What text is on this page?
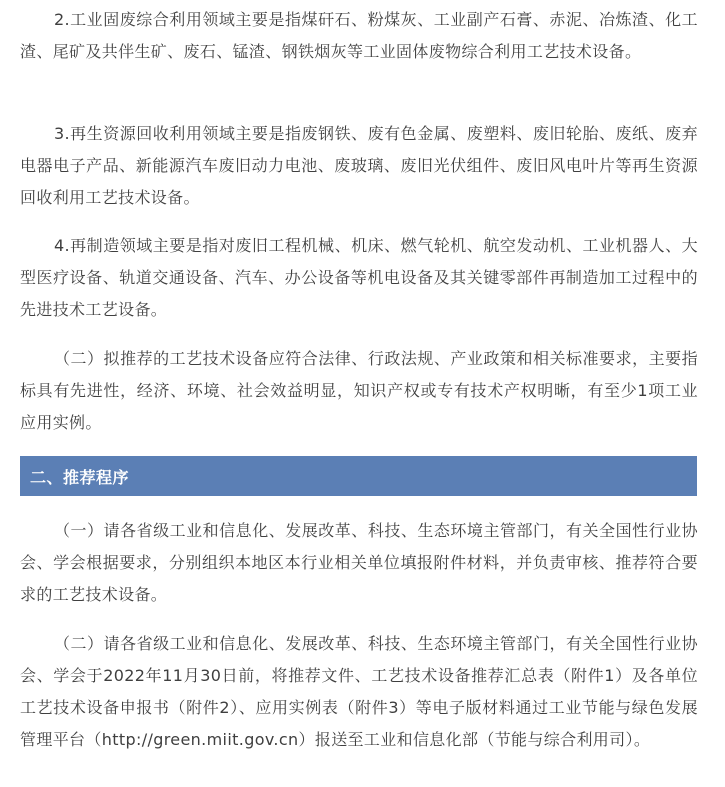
2.工业固废综合利用领域主要是指煤矸石、粉煤灰、工业副产石膏、赤泥、冶炼渣、化工渣、尾矿及共伴生矿、废石、锰渣、钢铁烟灰等工业固体废物综合利用工艺技术设备。

3.再生资源回收利用领域主要是指废钢铁、废有色金属、废塑料、废旧轮胎、废纸、废弃电器电子产品、新能源汽车废旧动力电池、废玻璃、废旧光伏组件、废旧风电叶片等再生资源回收利用工艺技术设备。

4.再制造领域主要是指对废旧工程机械、机床、燃气轮机、航空发动机、工业机器人、大型医疗设备、轨道交通设备、汽车、办公设备等机电设备及其关键零部件再制造加工过程中的先进技术工艺设备。

（二）拟推荐的工艺技术设备应符合法律、行政法规、产业政策和相关标准要求，主要指标具有先进性，经济、环境、社会效益明显，知识产权或专有技术产权明晰，有至少1项工业应用实例。

二、推荐程序

（一）请各省级工业和信息化、发展改革、科技、生态环境主管部门，有关全国性行业协会、学会根据要求，分别组织本地区本行业相关单位填报附件材料，并负责审核、推荐符合要求的工艺技术设备。

（二）请各省级工业和信息化、发展改革、科技、生态环境主管部门，有关全国性行业协会、学会于2022年11月30日前，将推荐文件、工艺技术设备推荐汇总表（附件1）及各单位工艺技术设备申报书（附件2）、应用实例表（附件3）等电子版材料通过工业节能与绿色发展管理平台（http://green.miit.gov.cn）报送至工业和信息化部（节能与综合利用司）。
